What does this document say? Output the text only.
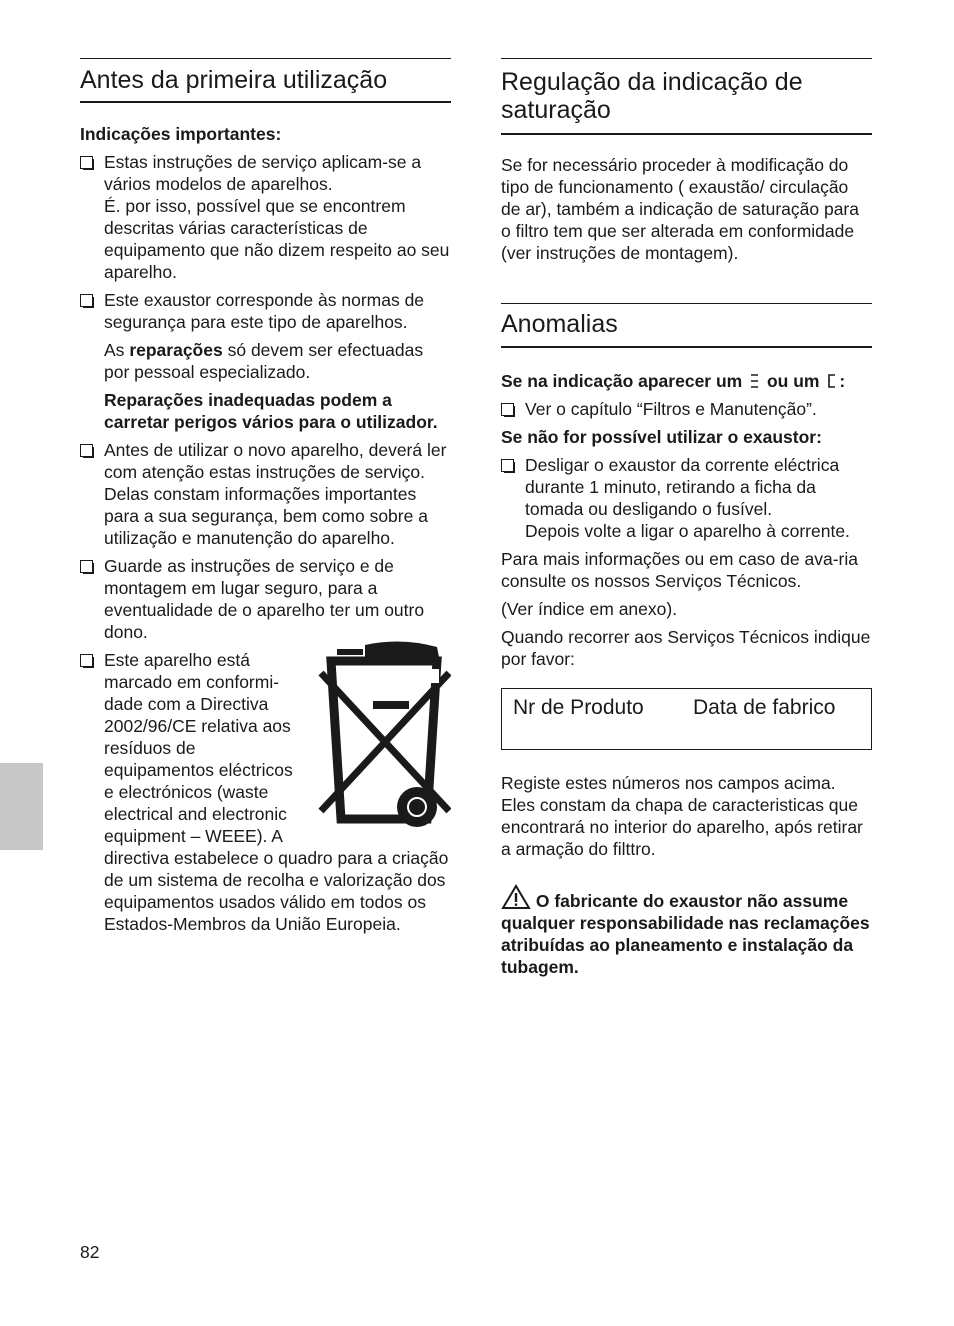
Antes da primeira utilização
Indicações importantes:
Estas instruções de serviço aplicam-se a vários modelos de aparelhos.
É. por isso, possível que se encontrem descritas várias características de equipamento que não dizem respeito ao seu aparelho.
Este exaustor corresponde às normas de segurança para este tipo de aparelhos.

As reparações só devem ser efectuadas por pessoal especializado.

Reparações inadequadas podem a carretar perigos vários para o utilizador.

Antes de utilizar o novo aparelho, deverá ler com atenção estas instruções de serviço.
Delas constam informações importantes para a sua segurança, bem como sobre a utilização e manutenção do aparelho.
Guarde as instruções de serviço e de montagem em lugar seguro, para a eventualidade de o aparelho ter um outro dono.
Este aparelho está marcado em conformi-dade com a Directiva 2002/96/CE relativa aos resíduos de equipamentos eléctricos e electrónicos (waste electrical and electronic equipment – WEEE). A directiva estabelece o quadro para a criação de um sistema de recolha e valorização dos equipamentos usados válido em todos os Estados-Membros da União Europeia.
Regulação da indicação de saturação

Se for necessário proceder à modificação do tipo de funcionamento ( exaustão/ circulação de ar), também a indicação de saturação para o filtro tem que ser alterada em conformidade (ver instruções de montagem).

Anomalias
Se na indicação aparecer um ou um :
Ver o capítulo “Filtros e Manutenção”.
Se não for possível utilizar o exaustor:
Desligar o exaustor da corrente eléctrica durante 1 minuto, retirando a ficha da tomada ou desligando o fusível.
Depois volte a ligar o aparelho à corrente.

Para mais informações ou em caso de ava-ria consulte os nossos Serviços Técnicos.

(Ver índice em anexo).

Quando recorrer aos Serviços Técnicos indique por favor:

Nr de Produto Data de fabrico

Registe estes números nos campos acima. Eles constam da chapa de caracteristicas que encontrará no interior do aparelho, após retirar a armação do filttro.

O fabricante do exaustor não assume qualquer responsabilidade nas reclamações atribuídas ao planeamento e instalação da tubagem.

82
